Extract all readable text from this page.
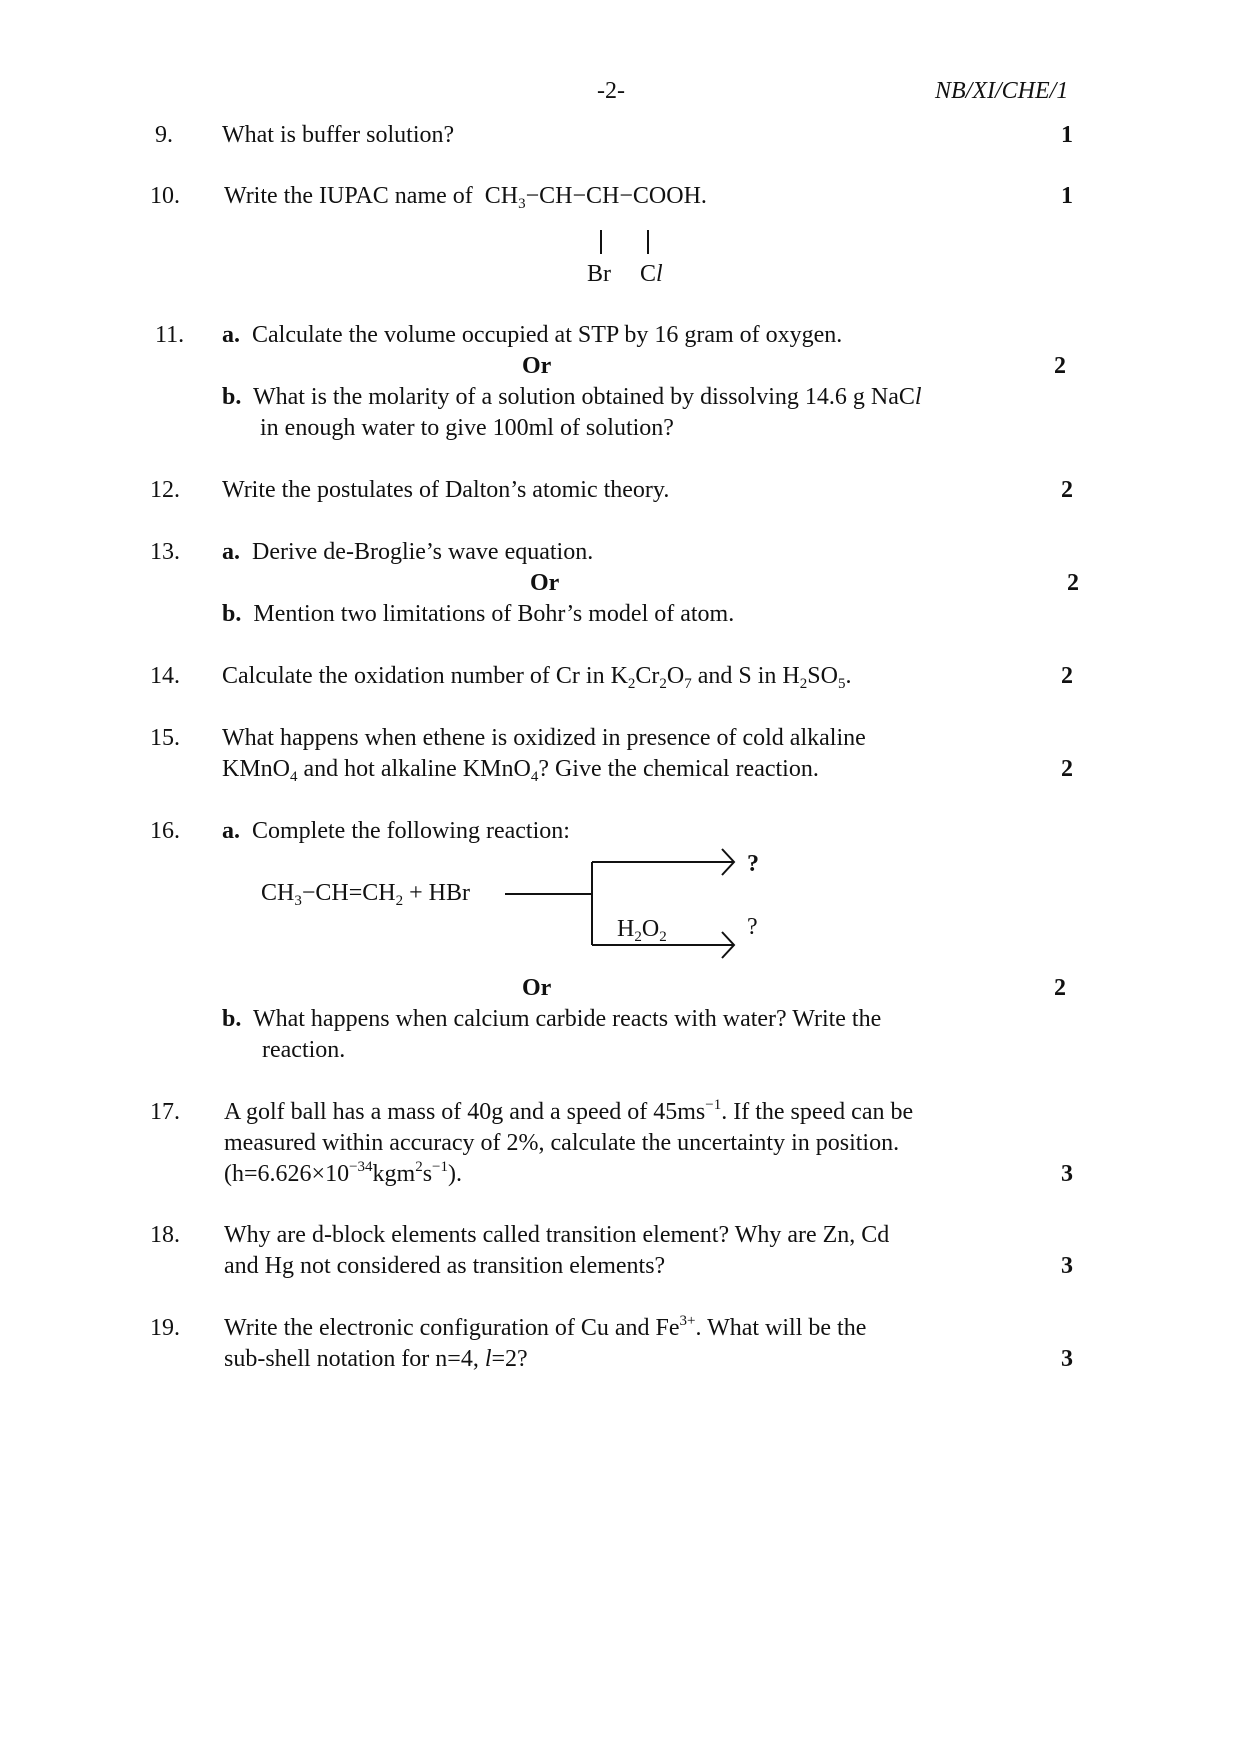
-2-	NB/XI/CHE/1
9. What is buffer solution?	1
10. Write the IUPAC name of $CH_3-CH-CH-COOH$.
Br Cl
1
11. a. Calculate the volume occupied at STP by 16 gram of oxygen.
Or	2
b. What is the molarity of a solution obtained by dissolving 14.6 g NaCl
in enough water to give 100ml of solution?
12. Write the postulates of Dalton’s atomic theory.	2
13. a. Derive de-Broglie’s wave equation.
Or	2
b. Mention two limitations of Bohr’s model of atom.
14. Calculate the oxidation number of Cr in $K_2Cr_2O_7$ and S in $H_2SO_5$.	2
15. What happens when ethene is oxidized in presence of cold alkaline
KMnO$_4$ and hot alkaline KMnO$_4$? Give the chemical reaction.	2
16. a. Complete the following reaction:
$CH_3-CH=CH_2$ + HBr
?
$H_2O_2$	?
Or	2
b. What happens when calcium carbide reacts with water? Write the
reaction.
17. A golf ball has a mass of 40g and a speed of $45ms^{-1}$. If the speed can be
measured within accuracy of 2%, calculate the uncertainty in position.
$(h=6.626\times 10^{-34}kgm^2s^{-1})$.	3
18. Why are d-block elements called transition element? Why are Zn, Cd
and Hg not considered as transition elements?	3
19. Write the electronic configuration of Cu and $Fe^{3+}$. What will be the
sub-shell notation for n=4, l=2?	3
